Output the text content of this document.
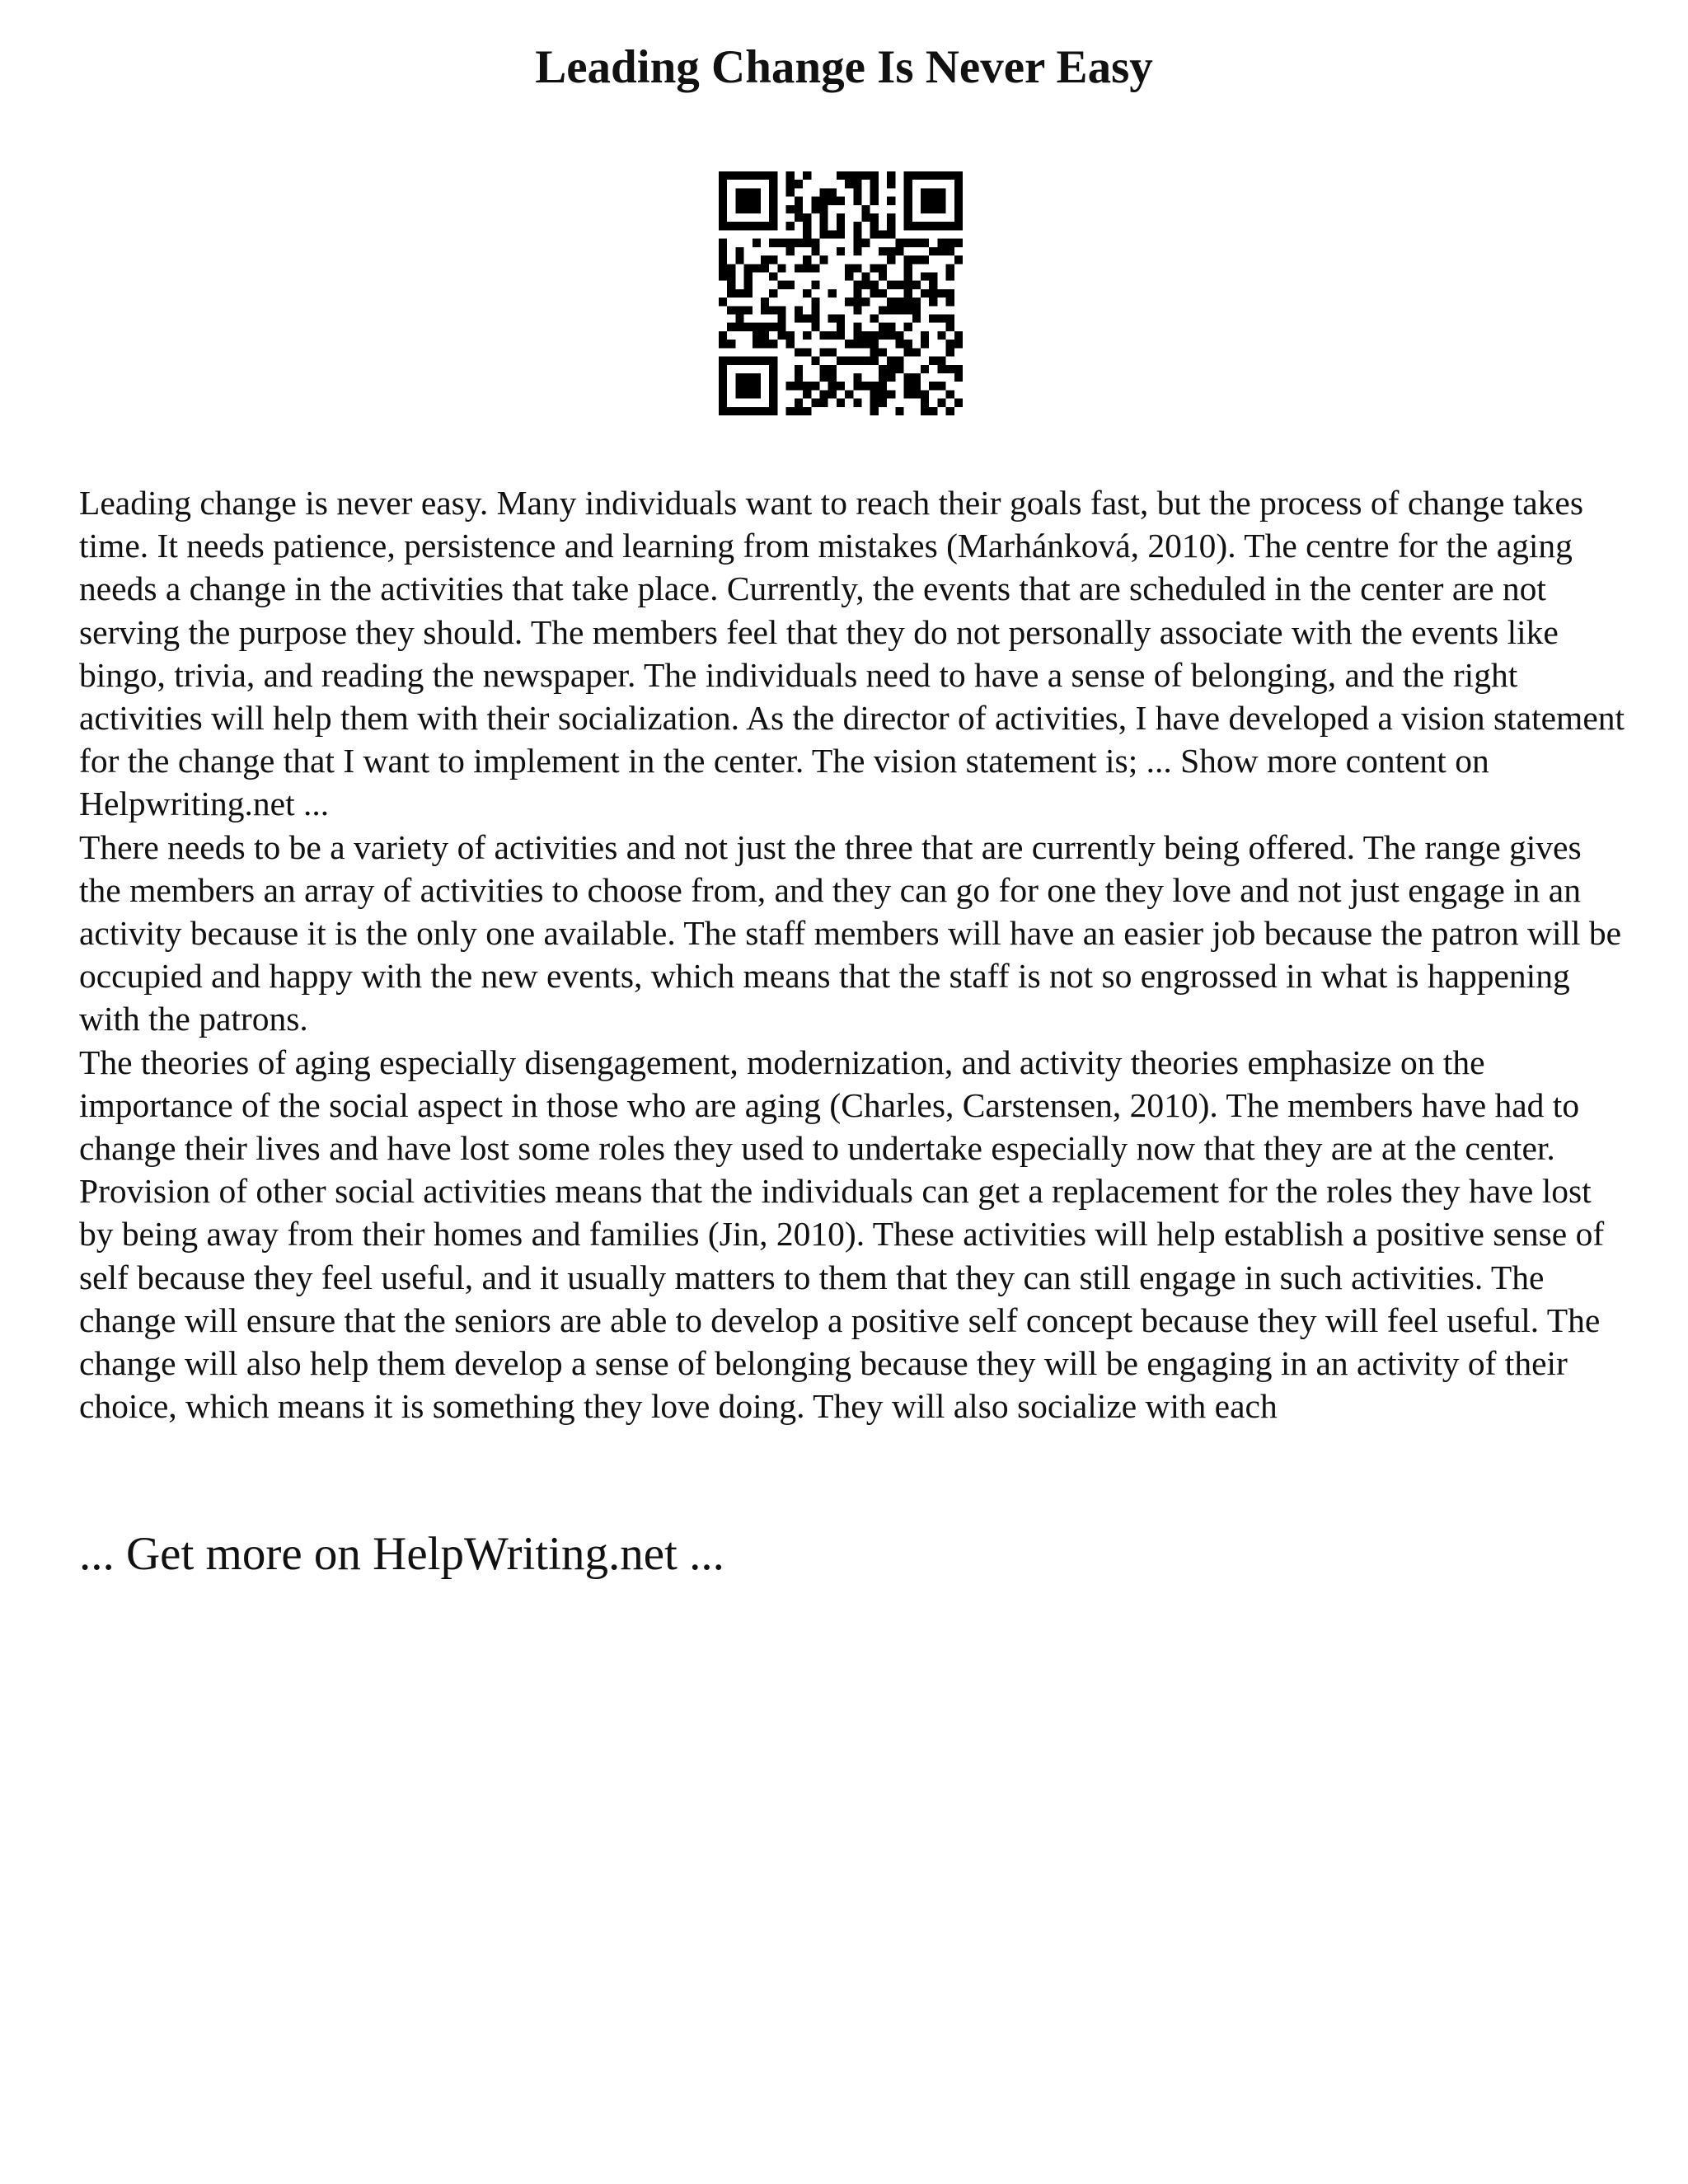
Leading Change Is Never Easy

Leading change is never easy. Many individuals want to reach their goals fast, but the process of change takes time. It needs patience, persistence and learning from mistakes (Marhánková, 2010). The centre for the aging needs a change in the activities that take place. Currently, the events that are scheduled in the center are not serving the purpose they should. The members feel that they do not personally associate with the events like bingo, trivia, and reading the newspaper. The individuals need to have a sense of belonging, and the right activities will help them with their socialization. As the director of activities, I have developed a vision statement for the change that I want to implement in the center. The vision statement is; ... Show more content on Helpwriting.net ...

There needs to be a variety of activities and not just the three that are currently being offered. The range gives the members an array of activities to choose from, and they can go for one they love and not just engage in an activity because it is the only one available. The staff members will have an easier job because the patron will be occupied and happy with the new events, which means that the staff is not so engrossed in what is happening with the patrons.

The theories of aging especially disengagement, modernization, and activity theories emphasize on the importance of the social aspect in those who are aging (Charles, Carstensen, 2010). The members have had to change their lives and have lost some roles they used to undertake especially now that they are at the center. Provision of other social activities means that the individuals can get a replacement for the roles they have lost by being away from their homes and families (Jin, 2010). These activities will help establish a positive sense of self because they feel useful, and it usually matters to them that they can still engage in such activities. The change will ensure that the seniors are able to develop a positive self concept because they will feel useful. The change will also help them develop a sense of belonging because they will be engaging in an activity of their choice, which means it is something they love doing. They will also socialize with each

... Get more on HelpWriting.net ...
